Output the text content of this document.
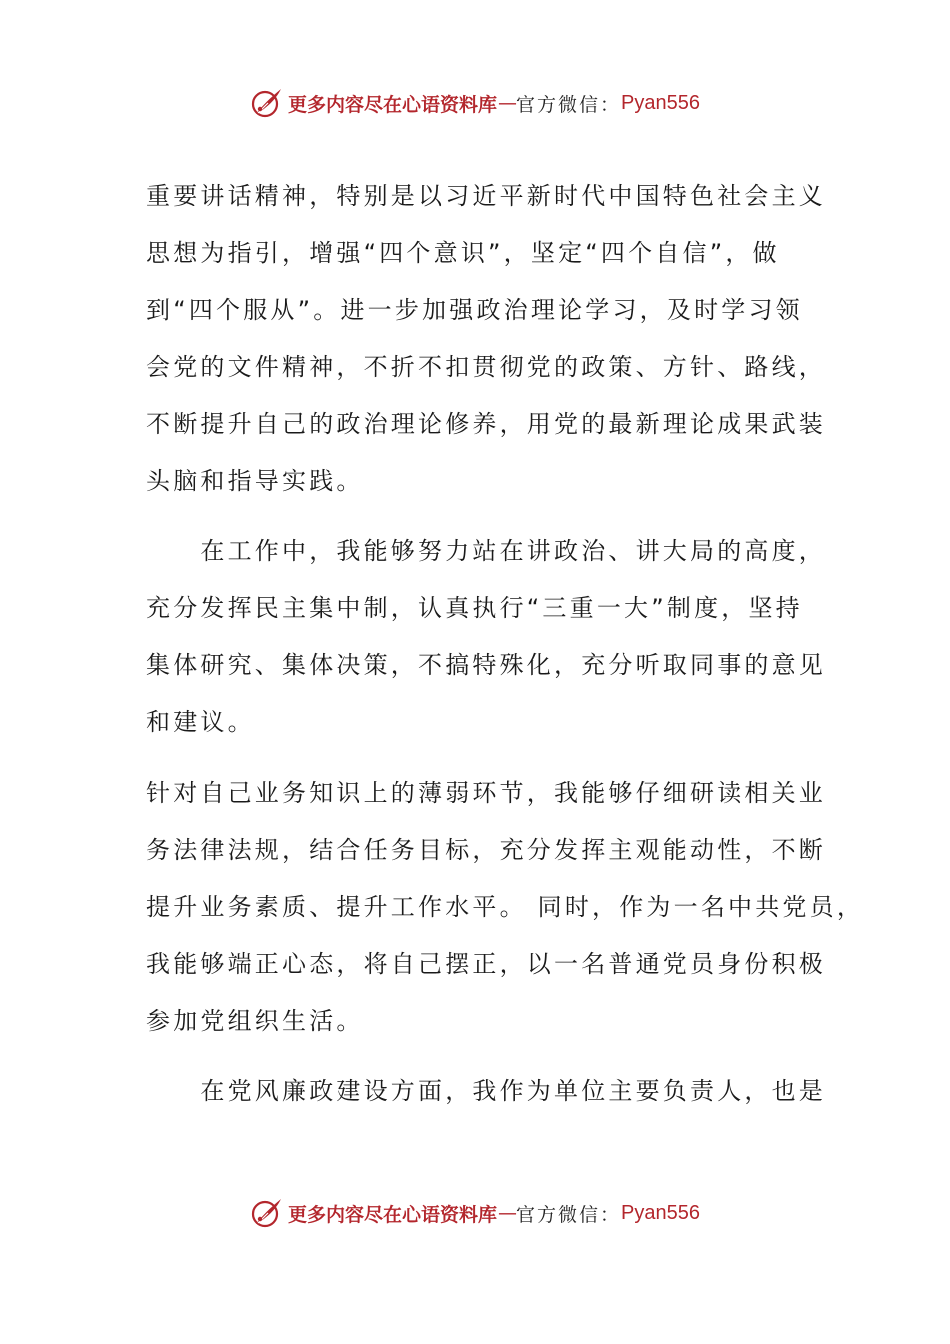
更多内容尽在心语资料库 — 官方微信： Pyan556
重要讲话精神，特别是以习近平新时代中国特色社会主义
思想为指引，增强“四个意识”，坚定“四个自信”，做
到“四个服从”。进一步加强政治理论学习，及时学习领
会党的文件精神，不折不扣贯彻党的政策、方针、路线，
不断提升自己的政治理论修养，用党的最新理论成果武装
头脑和指导实践。
　　在工作中，我能够努力站在讲政治、讲大局的高度，
充分发挥民主集中制，认真执行“三重一大”制度，坚持
集体研究、集体决策，不搞特殊化，充分听取同事的意见
和建议。
针对自己业务知识上的薄弱环节，我能够仔细研读相关业
务法律法规，结合任务目标，充分发挥主观能动性，不断
提升业务素质、提升工作水平。 同时，作为一名中共党员，
我能够端正心态，将自己摆正，以一名普通党员身份积极
参加党组织生活。
　　在党风廉政建设方面，我作为单位主要负责人，也是
更多内容尽在心语资料库 — 官方微信： Pyan556
